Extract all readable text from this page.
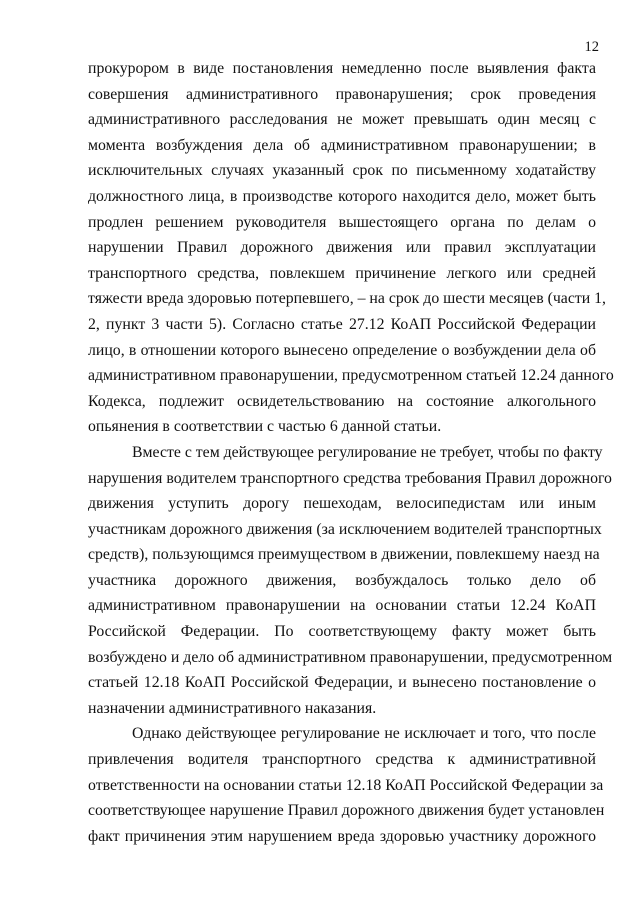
12
прокурором в виде постановления немедленно после выявления факта
совершения административного правонарушения; срок проведения
административного расследования не может превышать один месяц с
момента возбуждения дела об административном правонарушении; в
исключительных случаях указанный срок по письменному ходатайству
должностного лица, в производстве которого находится дело, может быть
продлен решением руководителя вышестоящего органа по делам о
нарушении Правил дорожного движения или правил эксплуатации
транспортного средства, повлекшем причинение легкого или средней
тяжести вреда здоровью потерпевшего, – на срок до шести месяцев (части 1,
2, пункт 3 части 5). Согласно статье 27.12 КоАП Российской Федерации
лицо, в отношении которого вынесено определение о возбуждении дела об
административном правонарушении, предусмотренном статьей 12.24 данного
Кодекса, подлежит освидетельствованию на состояние алкогольного
опьянения в соответствии с частью 6 данной статьи.
Вместе с тем действующее регулирование не требует, чтобы по факту
нарушения водителем транспортного средства требования Правил дорожного
движения уступить дорогу пешеходам, велосипедистам или иным
участникам дорожного движения (за исключением водителей транспортных
средств), пользующимся преимуществом в движении, повлекшему наезд на
участника дорожного движения, возбуждалось только дело об
административном правонарушении на основании статьи 12.24 КоАП
Российской Федерации. По соответствующему факту может быть
возбуждено и дело об административном правонарушении, предусмотренном
статьей 12.18 КоАП Российской Федерации, и вынесено постановление о
назначении административного наказания.
Однако действующее регулирование не исключает и того, что после
привлечения водителя транспортного средства к административной
ответственности на основании статьи 12.18 КоАП Российской Федерации за
соответствующее нарушение Правил дорожного движения будет установлен
факт причинения этим нарушением вреда здоровью участнику дорожного
